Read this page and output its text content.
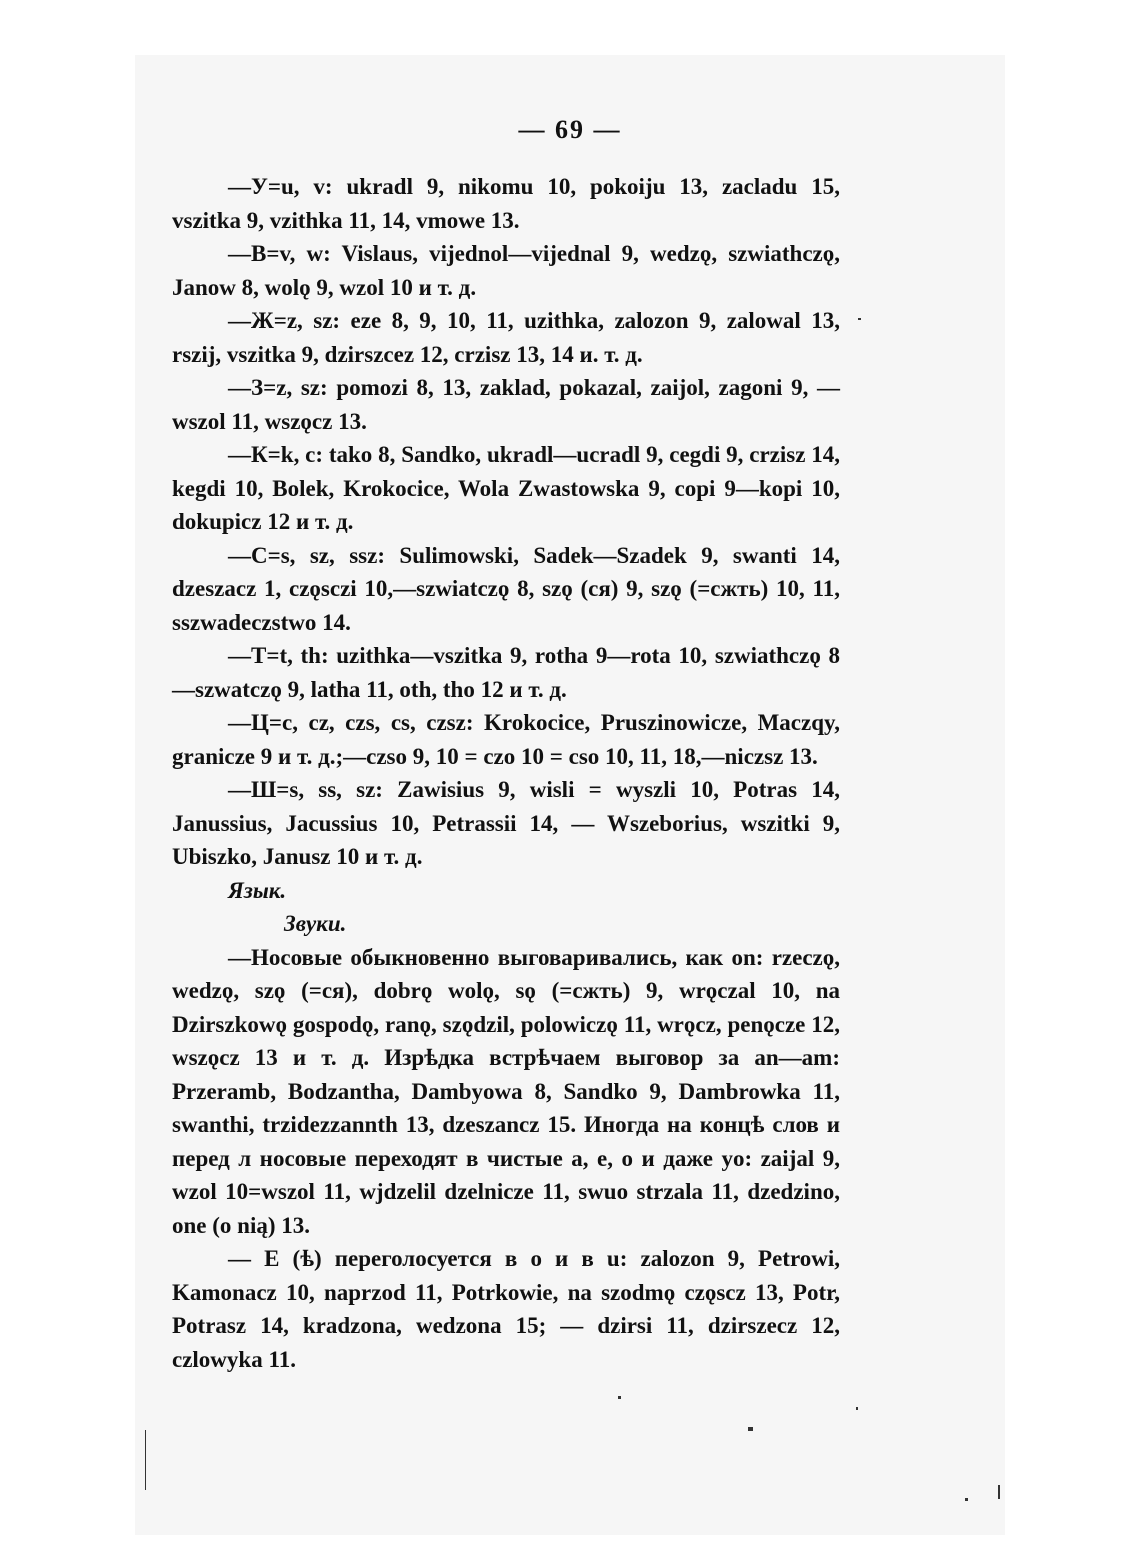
— 69 —

—У=u, v: ukradl 9, nikomu 10, pokoiju 13, zacladu 15, vszitka 9, vzithka 11, 14, vmowe 13.

—В=v, w: Vislaus, vijednol—vijednal 9, wedzǫ, szwiathczǫ, Janow 8, wolǫ 9, wzol 10 и т. д.

—Ж=z, sz: eze 8, 9, 10, 11, uzithka, zalozon 9, zalowal 13, rszij, vszitka 9, dzirszcez 12, crzisz 13, 14 и. т. д.

—З=z, sz: pomozi 8, 13, zaklad, pokazal, zaijol, zagoni 9, —wszol 11, wszǫcz 13.

—К=k, c: tako 8, Sandko, ukradl—ucradl 9, cegdi 9, crzisz 14, kegdi 10, Bolek, Krokocice, Wola Zwastowska 9, copi 9—kopi 10, dokupicz 12 и т. д.

—С=s, sz, ssz: Sulimowski, Sadek—Szadek 9, swanti 14, dzeszacz 1, czǫsczi 10,—szwiatczǫ 8, szǫ (ся) 9, szǫ (=сжть) 10, 11, sszwadeczstwo 14.

—Т=t, th: uzithka—vszitka 9, rotha 9—rota 10, szwiathczǫ 8—szwatczǫ 9, latha 11, oth, tho 12 и т. д.

—Ц=c, cz, czs, cs, czsz: Krokocice, Pruszinowicze, Maczqy, granicze 9 и т. д.;—czso 9, 10 = czo 10 = cso 10, 11, 18,—niczsz 13.

—Ш=s, ss, sz: Zawisius 9, wisli = wyszli 10, Potras 14, Janussius, Jacussius 10, Petrassii 14, — Wszeborius, wszitki 9, Ubiszko, Janusz 10 и т. д.

Язык.
Звуки.

—Носовые обыкновенно выговаривались, как on: rzeczǫ, wedzǫ, szǫ (=ся), dobrǫ wolǫ, sǫ (=сжть) 9, wrǫczal 10, na Dzirszkowǫ gospodǫ, ranǫ, szǫdzil, polowiczǫ 11, wrǫcz, penǫcze 12, wszǫcz 13 и т. д. Изрѣдка встрѣчаем выговор за an—am: Przeramb, Bodzantha, Dambyowa 8, Sandko 9, Dambrowka 11, swanthi, trzidezzannth 13, dzeszancz 15. Иногда на концѣ слов и перед л носовые переходят в чистые a, e, o и даже yo: zaijal 9, wzol 10=wszol 11, wjdzelil dzelnicze 11, swuo strzala 11, dzedzino, one (o nią) 13.

— E (ѣ) переголосуется в o и в u: zalozon 9, Petrowi, Kamonacz 10, naprzod 11, Potrkowie, na szodmǫ czǫscz 13, Potr, Potrasz 14, kradzona, wedzona 15; — dzirsi 11, dzirszecz 12, czlowyka 11.
